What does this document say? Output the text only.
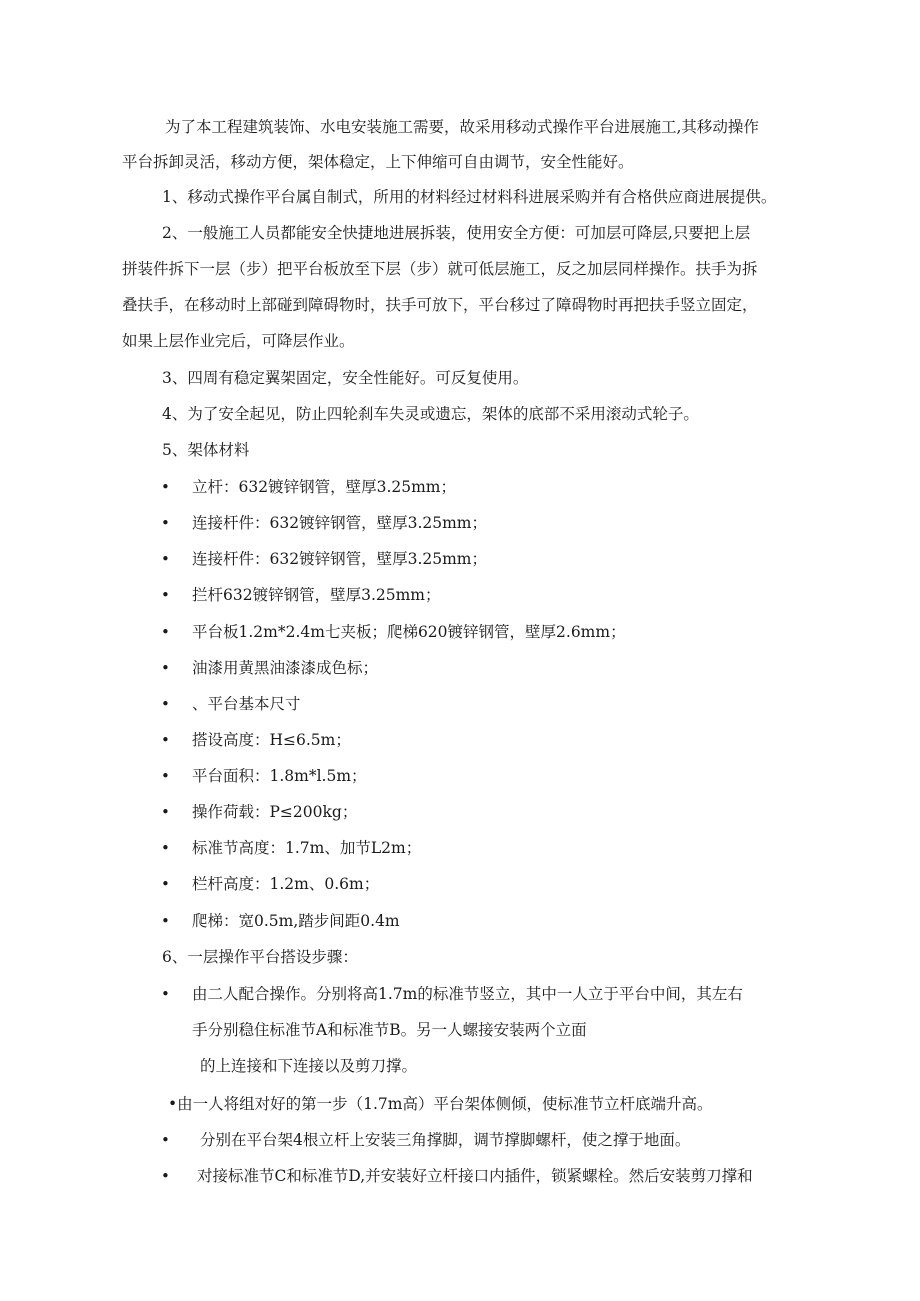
为了本工程建筑装饰、水电安装施工需要，故采用移动式操作平台进展施工,其移动操作
平台拆卸灵活，移动方便，架体稳定，上下伸缩可自由调节，安全性能好。
1、移动式操作平台属自制式，所用的材料经过材料科进展采购并有合格供应商进展提供。
2、一般施工人员都能安全快捷地进展拆装，使用安全方便：可加层可降层,只要把上层
拼装件拆下一层（步）把平台板放至下层（步）就可低层施工，反之加层同样操作。扶手为拆
叠扶手，在移动时上部碰到障碍物时，扶手可放下，平台移过了障碍物时再把扶手竖立固定，
如果上层作业完后，可降层作业。
3、四周有稳定翼架固定，安全性能好。可反复使用。
4、为了安全起见，防止四轮刹车失灵或遗忘，架体的底部不采用滚动式轮子。
5、架体材料
• 立杆：632镀锌钢管，壁厚3.25mm；
• 连接杆件：632镀锌钢管，壁厚3.25mm；
• 连接杆件：632镀锌钢管，壁厚3.25mm；
• 拦杆632镀锌钢管，壁厚3.25mm；
• 平台板1.2m*2.4m七夹板；爬梯620镀锌钢管，壁厚2.6mm；
• 油漆用黄黑油漆漆成色标；
• 、平台基本尺寸
• 搭设高度：H≤6.5m；
• 平台面积：1.8m*l.5m；
• 操作荷载：P≤200kg；
• 标准节高度：1.7m、加节L2m；
• 栏杆高度：1.2m、0.6m；
• 爬梯：宽0.5m,踏步间距0.4m
6、一层操作平台搭设步骤：
• 由二人配合操作。分别将高1.7m的标准节竖立，其中一人立于平台中间，其左右
手分别稳住标准节A和标准节B。另一人螺接安装两个立面
的上连接和下连接以及剪刀撑。
•由一人将组对好的第一步（1.7m高）平台架体侧倾，使标准节立杆底端升高。
• 分别在平台架4根立杆上安装三角撑脚，调节撑脚螺杆，使之撑于地面。
• 对接标准节C和标准节D,并安装好立杆接口内插件，锁紧螺栓。然后安装剪刀撑和
